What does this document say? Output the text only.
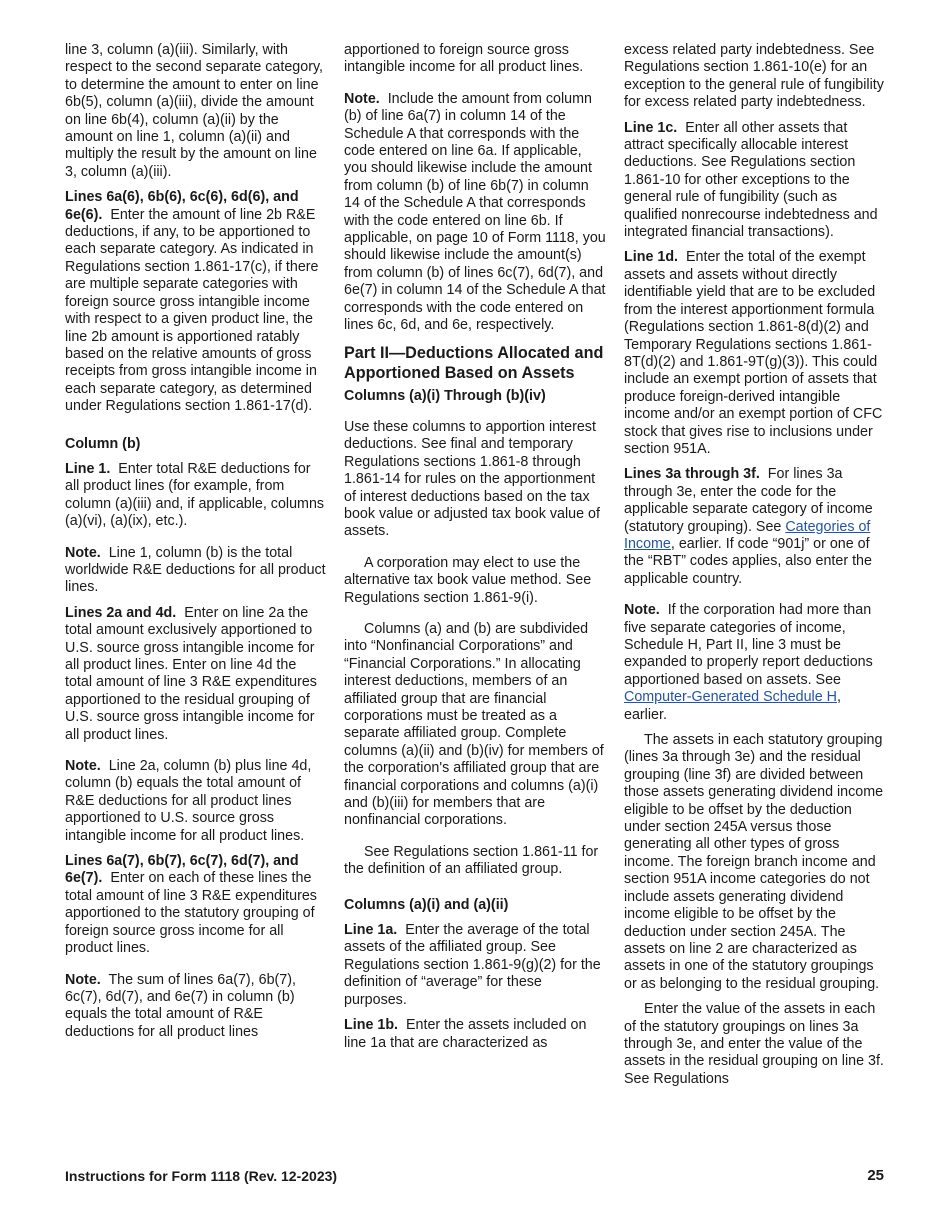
line 3, column (a)(iii). Similarly, with respect to the second separate category, to determine the amount to enter on line 6b(5), column (a)(iii), divide the amount on line 6b(4), column (a)(ii) by the amount on line 1, column (a)(ii) and multiply the result by the amount on line 3, column (a)(iii).

Lines 6a(6), 6b(6), 6c(6), 6d(6), and 6e(6). Enter the amount of line 2b R&E deductions, if any, to be apportioned to each separate category. As indicated in Regulations section 1.861-17(c), if there are multiple separate categories with foreign source gross intangible income with respect to a given product line, the line 2b amount is apportioned ratably based on the relative amounts of gross receipts from gross intangible income in each separate category, as determined under Regulations section 1.861-17(d).

Column (b)

Line 1. Enter total R&E deductions for all product lines (for example, from column (a)(iii) and, if applicable, columns (a)(vi), (a)(ix), etc.).

Note. Line 1, column (b) is the total worldwide R&E deductions for all product lines.

Lines 2a and 4d. Enter on line 2a the total amount exclusively apportioned to U.S. source gross intangible income for all product lines. Enter on line 4d the total amount of line 3 R&E expenditures apportioned to the residual grouping of U.S. source gross intangible income for all product lines.

Note. Line 2a, column (b) plus line 4d, column (b) equals the total amount of R&E deductions for all product lines apportioned to U.S. source gross intangible income for all product lines.

Lines 6a(7), 6b(7), 6c(7), 6d(7), and 6e(7). Enter on each of these lines the total amount of line 3 R&E expenditures apportioned to the statutory grouping of foreign source gross income for all product lines.

Note. The sum of lines 6a(7), 6b(7), 6c(7), 6d(7), and 6e(7) in column (b) equals the total amount of R&E deductions for all product lines

apportioned to foreign source gross intangible income for all product lines.

Note. Include the amount from column (b) of line 6a(7) in column 14 of the Schedule A that corresponds with the code entered on line 6a. If applicable, you should likewise include the amount from column (b) of line 6b(7) in column 14 of the Schedule A that corresponds with the code entered on line 6b. If applicable, on page 10 of Form 1118, you should likewise include the amount(s) from column (b) of lines 6c(7), 6d(7), and 6e(7) in column 14 of the Schedule A that corresponds with the code entered on lines 6c, 6d, and 6e, respectively.

Part II—Deductions Allocated and Apportioned Based on Assets
Columns (a)(i) Through (b)(iv)

Use these columns to apportion interest deductions. See final and temporary Regulations sections 1.861-8 through 1.861-14 for rules on the apportionment of interest deductions based on the tax book value or adjusted tax book value of assets.

A corporation may elect to use the alternative tax book value method. See Regulations section 1.861-9(i).

Columns (a) and (b) are subdivided into “Nonfinancial Corporations” and “Financial Corporations.” In allocating interest deductions, members of an affiliated group that are financial corporations must be treated as a separate affiliated group. Complete columns (a)(ii) and (b)(iv) for members of the corporation's affiliated group that are financial corporations and columns (a)(i) and (b)(iii) for members that are nonfinancial corporations.

See Regulations section 1.861-11 for the definition of an affiliated group.

Columns (a)(i) and (a)(ii)

Line 1a. Enter the average of the total assets of the affiliated group. See Regulations section 1.861-9(g)(2) for the definition of “average” for these purposes.

Line 1b. Enter the assets included on line 1a that are characterized as

excess related party indebtedness. See Regulations section 1.861-10(e) for an exception to the general rule of fungibility for excess related party indebtedness.

Line 1c. Enter all other assets that attract specifically allocable interest deductions. See Regulations section 1.861-10 for other exceptions to the general rule of fungibility (such as qualified nonrecourse indebtedness and integrated financial transactions).

Line 1d. Enter the total of the exempt assets and assets without directly identifiable yield that are to be excluded from the interest apportionment formula (Regulations section 1.861-8(d)(2) and Temporary Regulations sections 1.861-8T(d)(2) and 1.861-9T(g)(3)). This could include an exempt portion of assets that produce foreign-derived intangible income and/or an exempt portion of CFC stock that gives rise to inclusions under section 951A.

Lines 3a through 3f. For lines 3a through 3e, enter the code for the applicable separate category of income (statutory grouping). See Categories of Income, earlier. If code “901j” or one of the “RBT” codes applies, also enter the applicable country.

Note. If the corporation had more than five separate categories of income, Schedule H, Part II, line 3 must be expanded to properly report deductions apportioned based on assets. See Computer-Generated Schedule H, earlier.

The assets in each statutory grouping (lines 3a through 3e) and the residual grouping (line 3f) are divided between those assets generating dividend income eligible to be offset by the deduction under section 245A versus those generating all other types of gross income. The foreign branch income and section 951A income categories do not include assets generating dividend income eligible to be offset by the deduction under section 245A. The assets on line 2 are characterized as assets in one of the statutory groupings or as belonging to the residual grouping.

Enter the value of the assets in each of the statutory groupings on lines 3a through 3e, and enter the value of the assets in the residual grouping on line 3f. See Regulations

Instructions for Form 1118 (Rev. 12-2023)	25
